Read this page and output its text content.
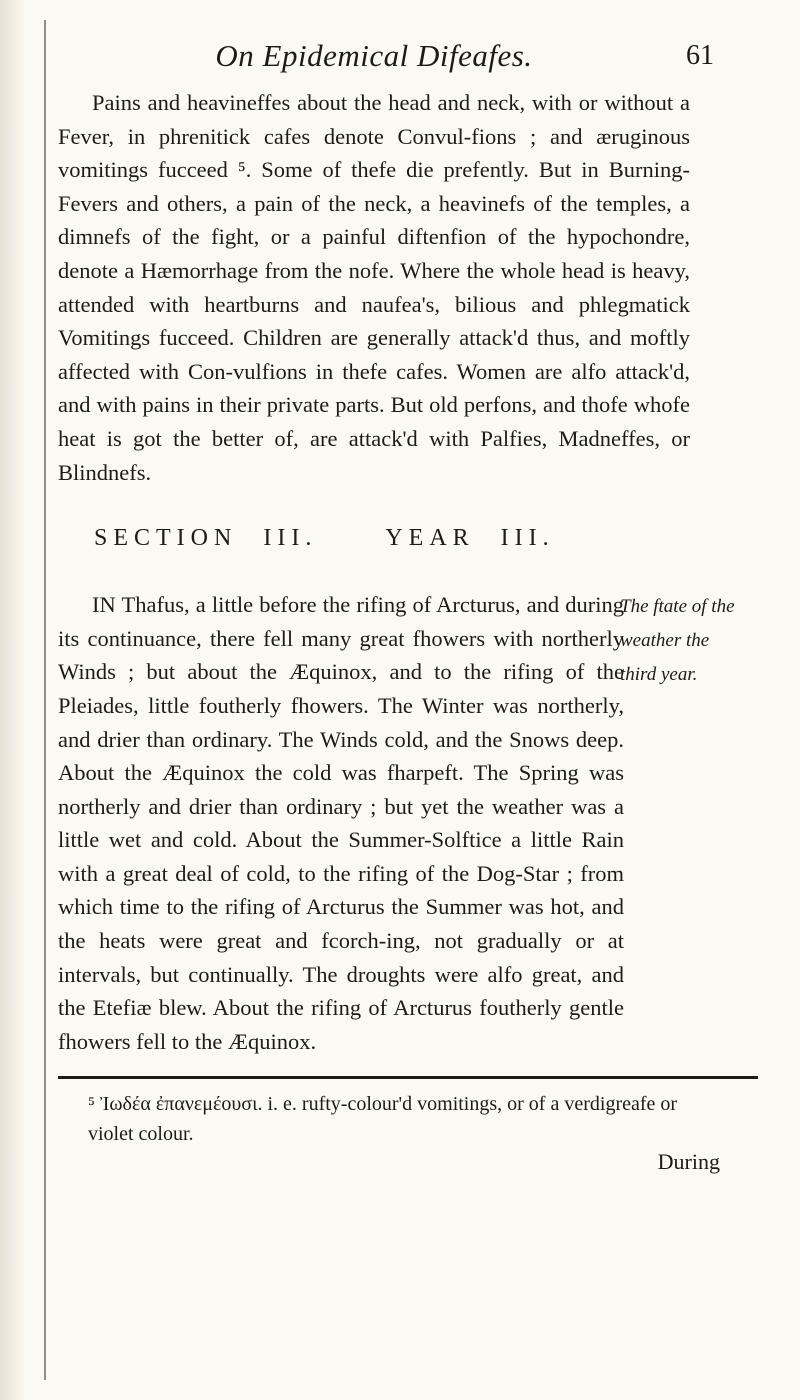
On Epidemical Difeafes.	61

Pains and heavineffes about the head and neck, with or without a Fever, in phrenitick cafes denote Convul-fions ; and æruginous vomitings fucceed ⁵. Some of thefe die prefently. But in Burning-Fevers and others, a pain of the neck, a heavinefs of the temples, a dimnefs of the fight, or a painful diftenfion of the hypochondre, denote a Hæmorrhage from the nofe. Where the whole head is heavy, attended with heartburns and naufea's, bilious and phlegmatick Vomitings fucceed. Children are generally attack'd thus, and moftly affected with Con-vulfions in thefe cafes. Women are alfo attack'd, and with pains in their private parts. But old perfons, and thofe whofe heat is got the better of, are attack'd with Palfies, Madneffes, or Blindnefs.

SECTION III.	YEAR III.
The ftate of the weather the third year.

IN Thafus, a little before the rifing of Arcturus, and during its continuance, there fell many great fhowers with northerly Winds ; but about the Æquinox, and to the rifing of the Pleiades, little foutherly fhowers. The Winter was northerly, and drier than ordinary. The Winds cold, and the Snows deep. About the Æquinox the cold was fharpeft. The Spring was northerly and drier than ordinary ; but yet the weather was a little wet and cold. About the Summer-Solftice a little Rain with a great deal of cold, to the rifing of the Dog-Star ; from which time to the rifing of Arcturus the Summer was hot, and the heats were great and fcorch-ing, not gradually or at intervals, but continually. The droughts were alfo great, and the Etefiæ blew. About the rifing of Arcturus foutherly gentle fhowers fell to the Æquinox.

⁵ Ἰωδέα ἐπανεμέουσι. i. e. rufty-colour'd vomitings, or of a verdigreafe or violet colour.
During
